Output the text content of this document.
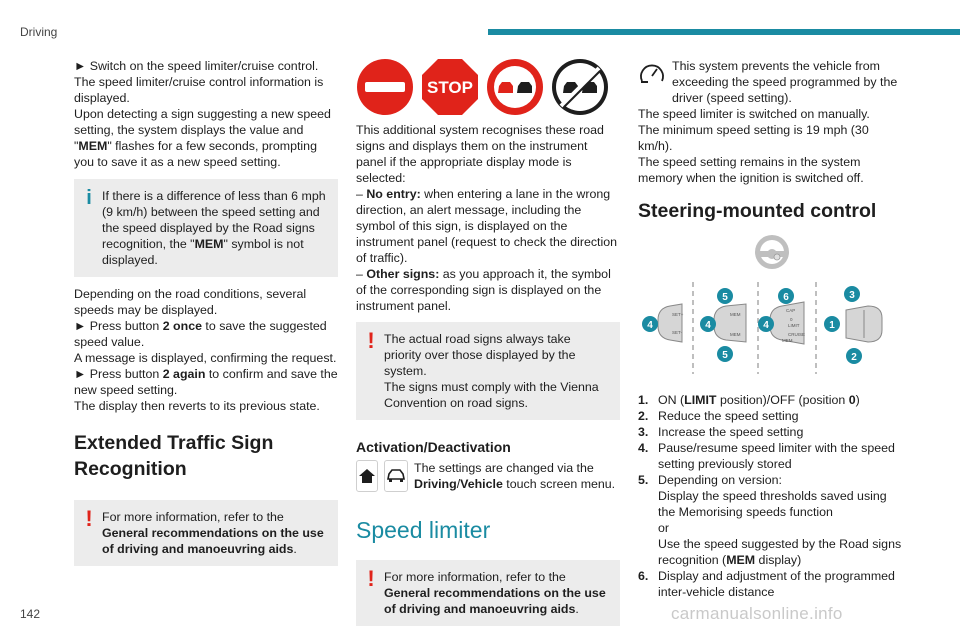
Driving

► Switch on the speed limiter/cruise control. The speed limiter/cruise control information is displayed.

Upon detecting a sign suggesting a new speed setting, the system displays the value and "MEM" flashes for a few seconds, prompting you to save it as a new speed setting.

i If there is a difference of less than 6 mph (9 km/h) between the speed setting and the speed displayed by the Road signs recognition, the "MEM" symbol is not displayed.

Depending on the road conditions, several speeds may be displayed.

► Press button 2 once to save the suggested speed value.

A message is displayed, confirming the request.

► Press button 2 again to confirm and save the new speed setting.

The display then reverts to its previous state.

Extended Traffic Sign Recognition
! For more information, refer to the General recommendations on the use of driving and manoeuvring aids.
STOP

This additional system recognises these road signs and displays them on the instrument panel if the appropriate display mode is selected:

– No entry: when entering a lane in the wrong direction, an alert message, including the symbol of this sign, is displayed on the instrument panel (request to check the direction of traffic).

– Other signs: as you approach it, the symbol of the corresponding sign is displayed on the instrument panel.

! The actual road signs always take priority over those displayed by the system.

The signs must comply with the Vienna Convention on road signs.

Activation/Deactivation
The settings are changed via the Driving/Vehicle touch screen menu.
Speed limiter
! For more information, refer to the General recommendations on the use of driving and manoeuvring aids.

This system prevents the vehicle from exceeding the speed programmed by the driver (speed setting).

The speed limiter is switched on manually.

The minimum speed setting is 19 mph (30 km/h).

The speed setting remains in the system memory when the ignition is switched off.

Steering-mounted control
SET+
SET-
MEM
MEM
CAP
0
LIMIT
CRUISE
MEM
5	6	3
4	4	4	1
5	2
1. ON (LIMIT position)/OFF (position 0)
2. Reduce the speed setting
3. Increase the speed setting
4. Pause/resume speed limiter with the speed setting previously stored
5. Depending on version:
Display the speed thresholds saved using the Memorising speeds function
or
Use the speed suggested by the Road signs recognition (MEM display)
6. Display and adjustment of the programmed inter-vehicle distance
142	carmanualsonline.info
